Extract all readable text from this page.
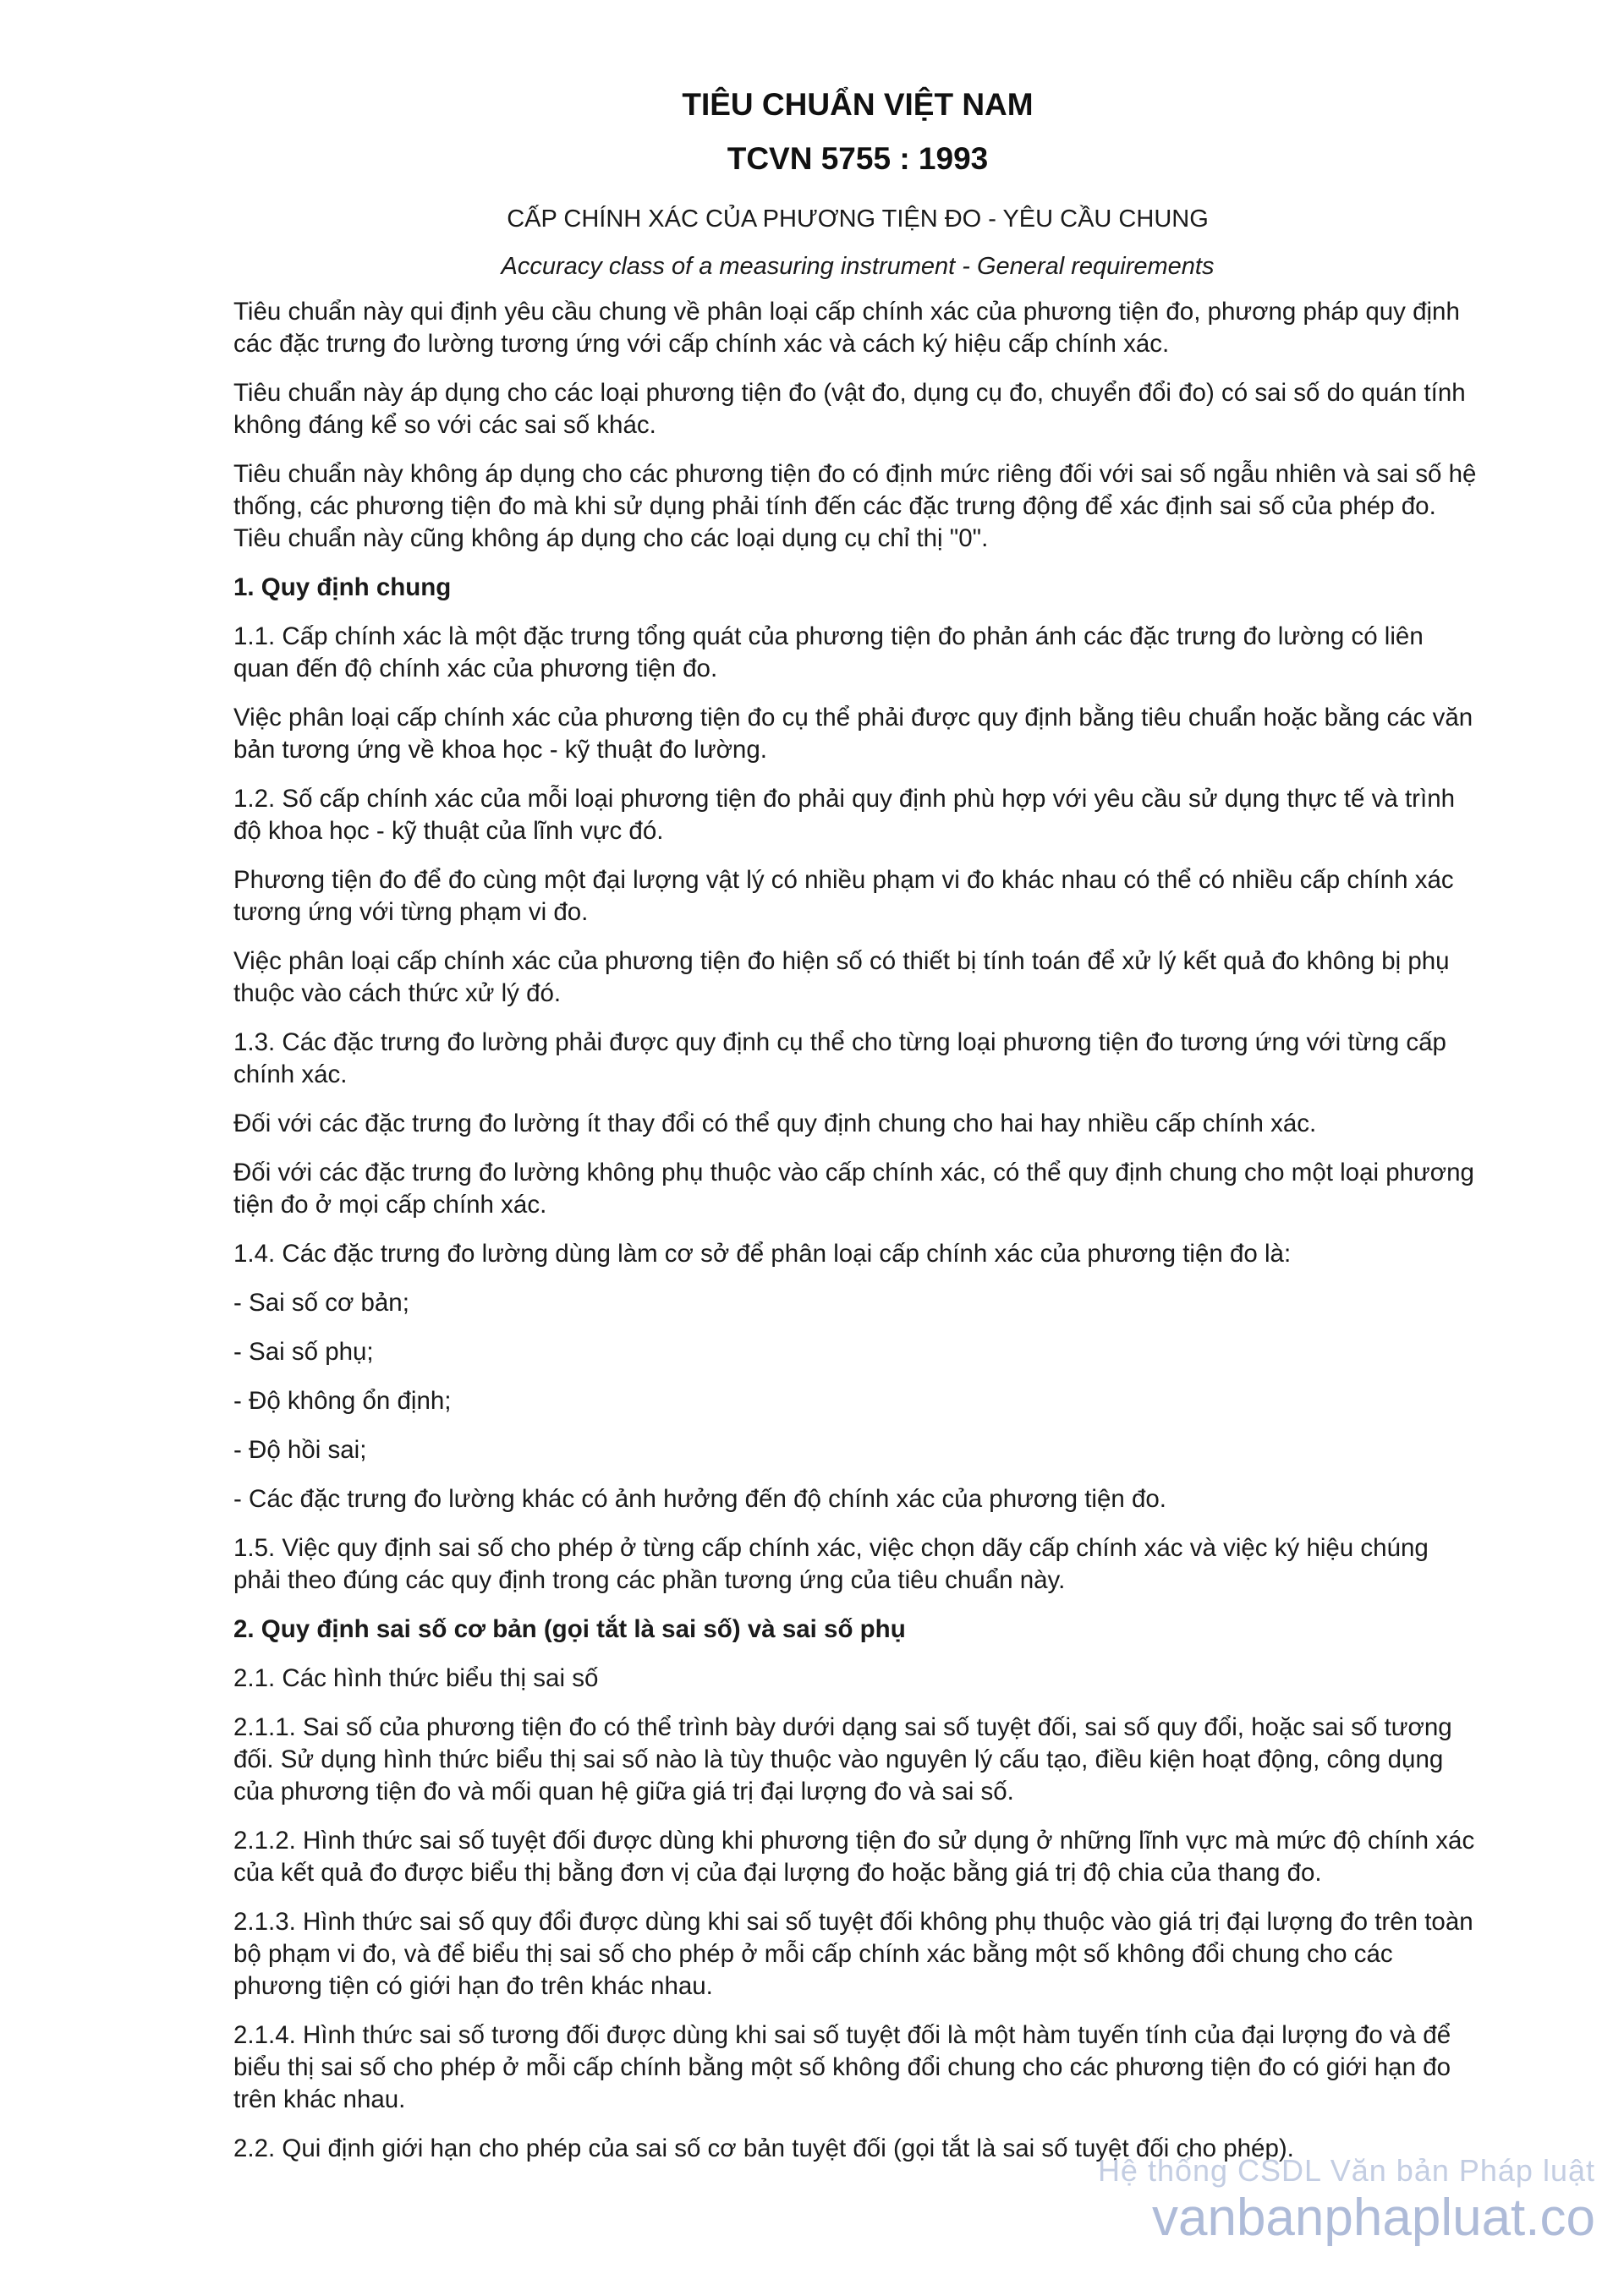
TIÊU CHUẨN VIỆT NAM
TCVN 5755 : 1993
CẤP CHÍNH XÁC CỦA PHƯƠNG TIỆN ĐO - YÊU CẦU CHUNG
Accuracy class of a measuring instrument - General requirements
Tiêu chuẩn này qui định yêu cầu chung về phân loại cấp chính xác của phương tiện đo, phương pháp quy định các đặc trưng đo lường tương ứng với cấp chính xác và cách ký hiệu cấp chính xác.
Tiêu chuẩn này áp dụng cho các loại phương tiện đo (vật đo, dụng cụ đo, chuyển đổi đo) có sai số do quán tính không đáng kể so với các sai số khác.
Tiêu chuẩn này không áp dụng cho các phương tiện đo có định mức riêng đối với sai số ngẫu nhiên và sai số hệ thống, các phương tiện đo mà khi sử dụng phải tính đến các đặc trưng động để xác định sai số của phép đo. Tiêu chuẩn này cũng không áp dụng cho các loại dụng cụ chỉ thị "0".
1. Quy định chung
1.1. Cấp chính xác là một đặc trưng tổng quát của phương tiện đo phản ánh các đặc trưng đo lường có liên quan đến độ chính xác của phương tiện đo.
Việc phân loại cấp chính xác của phương tiện đo cụ thể phải được quy định bằng tiêu chuẩn hoặc bằng các văn bản tương ứng về khoa học - kỹ thuật đo lường.
1.2. Số cấp chính xác của mỗi loại phương tiện đo phải quy định phù hợp với yêu cầu sử dụng thực tế và trình độ khoa học - kỹ thuật của lĩnh vực đó.
Phương tiện đo để đo cùng một đại lượng vật lý có nhiều phạm vi đo khác nhau có thể có nhiều cấp chính xác tương ứng với từng phạm vi đo.
Việc phân loại cấp chính xác của phương tiện đo hiện số có thiết bị tính toán để xử lý kết quả đo không bị phụ thuộc vào cách thức xử lý đó.
1.3. Các đặc trưng đo lường phải được quy định cụ thể cho từng loại phương tiện đo tương ứng với từng cấp chính xác.
Đối với các đặc trưng đo lường ít thay đổi có thể quy định chung cho hai hay nhiều cấp chính xác.
Đối với các đặc trưng đo lường không phụ thuộc vào cấp chính xác, có thể quy định chung cho một loại phương tiện đo ở mọi cấp chính xác.
1.4. Các đặc trưng đo lường dùng làm cơ sở để phân loại cấp chính xác của phương tiện đo là:
- Sai số cơ bản;
- Sai số phụ;
- Độ không ổn định;
- Độ hồi sai;
- Các đặc trưng đo lường khác có ảnh hưởng đến độ chính xác của phương tiện đo.
1.5. Việc quy định sai số cho phép ở từng cấp chính xác, việc chọn dãy cấp chính xác và việc ký hiệu chúng phải theo đúng các quy định trong các phần tương ứng của tiêu chuẩn này.
2. Quy định sai số cơ bản (gọi tắt là sai số) và sai số phụ
2.1. Các hình thức biểu thị sai số
2.1.1. Sai số của phương tiện đo có thể trình bày dưới dạng sai số tuyệt đối, sai số quy đổi, hoặc sai số tương đối. Sử dụng hình thức biểu thị sai số nào là tùy thuộc vào nguyên lý cấu tạo, điều kiện hoạt động, công dụng của phương tiện đo và mối quan hệ giữa giá trị đại lượng đo và sai số.
2.1.2. Hình thức sai số tuyệt đối được dùng khi phương tiện đo sử dụng ở những lĩnh vực mà mức độ chính xác của kết quả đo được biểu thị bằng đơn vị của đại lượng đo hoặc bằng giá trị độ chia của thang đo.
2.1.3. Hình thức sai số quy đổi được dùng khi sai số tuyệt đối không phụ thuộc vào giá trị đại lượng đo trên toàn bộ phạm vi đo, và để biểu thị sai số cho phép ở mỗi cấp chính xác bằng một số không đổi chung cho các phương tiện có giới hạn đo trên khác nhau.
2.1.4. Hình thức sai số tương đối được dùng khi sai số tuyệt đối là một hàm tuyến tính của đại lượng đo và để biểu thị sai số cho phép ở mỗi cấp chính bằng một số không đổi chung cho các phương tiện đo có giới hạn đo trên khác nhau.
2.2. Qui định giới hạn cho phép của sai số cơ bản tuyệt đối (gọi tắt là sai số tuyệt đối cho phép).
Hệ thống CSDL Văn bản Pháp luật
vanbanphapluat.co
